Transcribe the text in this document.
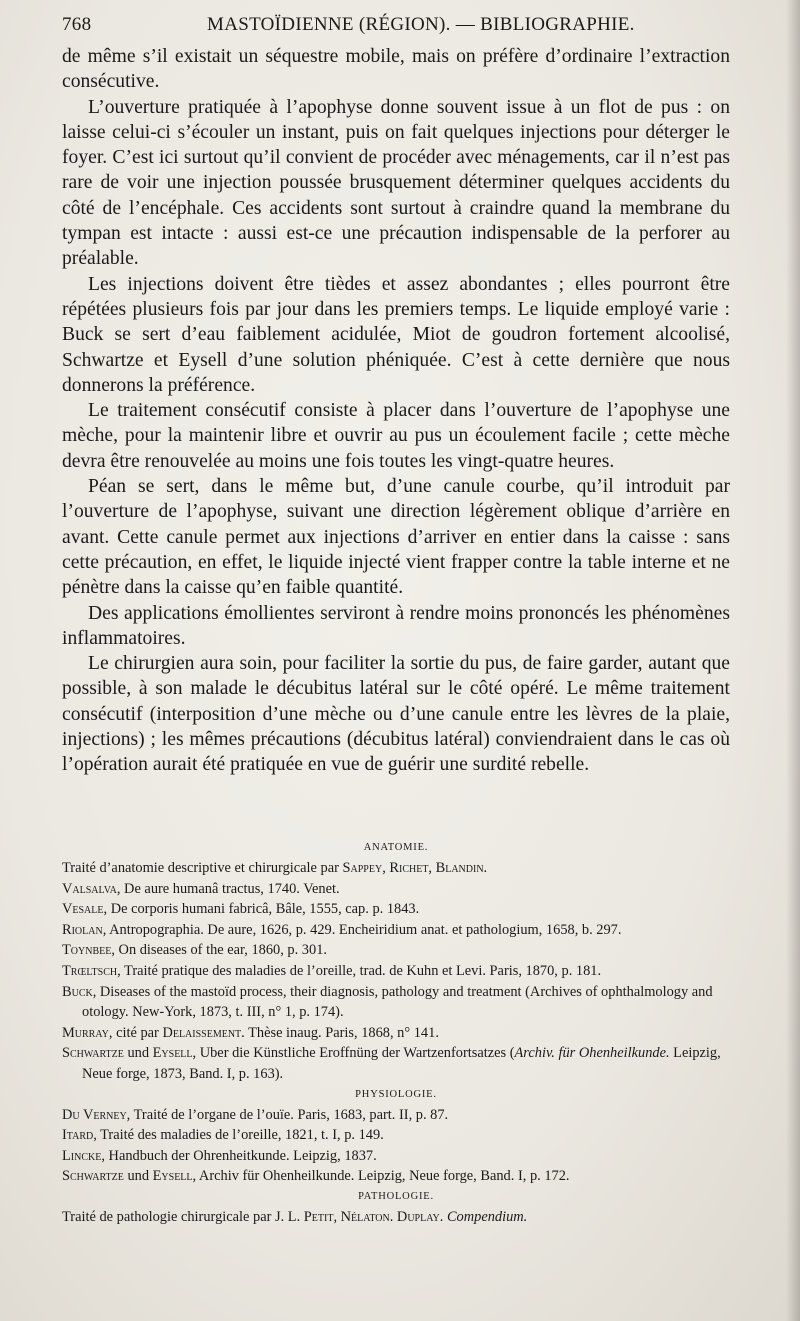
768	MASTOÏDIENNE (RÉGION). — BIBLIOGRAPHIE.

de même s’il existait un séquestre mobile, mais on préfère d’ordinaire l’extraction consécutive.

L’ouverture pratiquée à l’apophyse donne souvent issue à un flot de pus : on laisse celui-ci s’écouler un instant, puis on fait quelques injections pour déterger le foyer. C’est ici surtout qu’il convient de procéder avec ménagements, car il n’est pas rare de voir une injection poussée brusquement déterminer quelques accidents du côté de l’encéphale. Ces accidents sont surtout à craindre quand la membrane du tympan est intacte : aussi est-ce une précaution indispensable de la perforer au préalable.

Les injections doivent être tièdes et assez abondantes ; elles pourront être répétées plusieurs fois par jour dans les premiers temps. Le liquide employé varie : Buck se sert d’eau faiblement acidulée, Miot de goudron fortement alcoolisé, Schwartze et Eysell d’une solution phéniquée. C’est à cette dernière que nous donnerons la préférence.

Le traitement consécutif consiste à placer dans l’ouverture de l’apophyse une mèche, pour la maintenir libre et ouvrir au pus un écoulement facile ; cette mèche devra être renouvelée au moins une fois toutes les vingt-quatre heures.

Péan se sert, dans le même but, d’une canule courbe, qu’il introduit par l’ouverture de l’apophyse, suivant une direction légèrement oblique d’arrière en avant. Cette canule permet aux injections d’arriver en entier dans la caisse : sans cette précaution, en effet, le liquide injecté vient frapper contre la table interne et ne pénètre dans la caisse qu’en faible quantité.

Des applications émollientes serviront à rendre moins prononcés les phénomènes inflammatoires.

Le chirurgien aura soin, pour faciliter la sortie du pus, de faire garder, autant que possible, à son malade le décubitus latéral sur le côté opéré. Le même traitement consécutif (interposition d’une mèche ou d’une canule entre les lèvres de la plaie, injections) ; les mêmes précautions (décubitus latéral) conviendraient dans le cas où l’opération aurait été pratiquée en vue de guérir une surdité rebelle.

ANATOMIE.

Traité d’anatomie descriptive et chirurgicale par Sappey, Richet, Blandin.

Valsalva, De aure humanâ tractus, 1740. Venet.

Vesale, De corporis humani fabricâ, Bâle, 1555, cap. p. 1843.

Riolan, Antropographia. De aure, 1626, p. 429. Encheiridium anat. et pathologium, 1658, b. 297.

Toynbee, On diseases of the ear, 1860, p. 301.

Trœltsch, Traité pratique des maladies de l’oreille, trad. de Kuhn et Levi. Paris, 1870, p. 181.

Buck, Diseases of the mastoïd process, their diagnosis, pathology and treatment (Archives of ophthalmology and otology. New-York, 1873, t. III, n° 1, p. 174).

Murray, cité par Delaissement. Thèse inaug. Paris, 1868, n° 141.

Schwartze und Eysell, Uber die Künstliche Eroffnüng der Wartzenfortsatzes (Archiv. für Ohenheilkunde. Leipzig, Neue forge, 1873, Band. I, p. 163).

PHYSIOLOGIE.

Du Verney, Traité de l’organe de l’ouïe. Paris, 1683, part. II, p. 87.

Itard, Traité des maladies de l’oreille, 1821, t. I, p. 149.

Lincke, Handbuch der Ohrenheitkunde. Leipzig, 1837.

Schwartze und Eysell, Archiv für Ohenheilkunde. Leipzig, Neue forge, Band. I, p. 172.

PATHOLOGIE.

Traité de pathologie chirurgicale par J. L. Petit, Nélaton. Duplay. Compendium.
